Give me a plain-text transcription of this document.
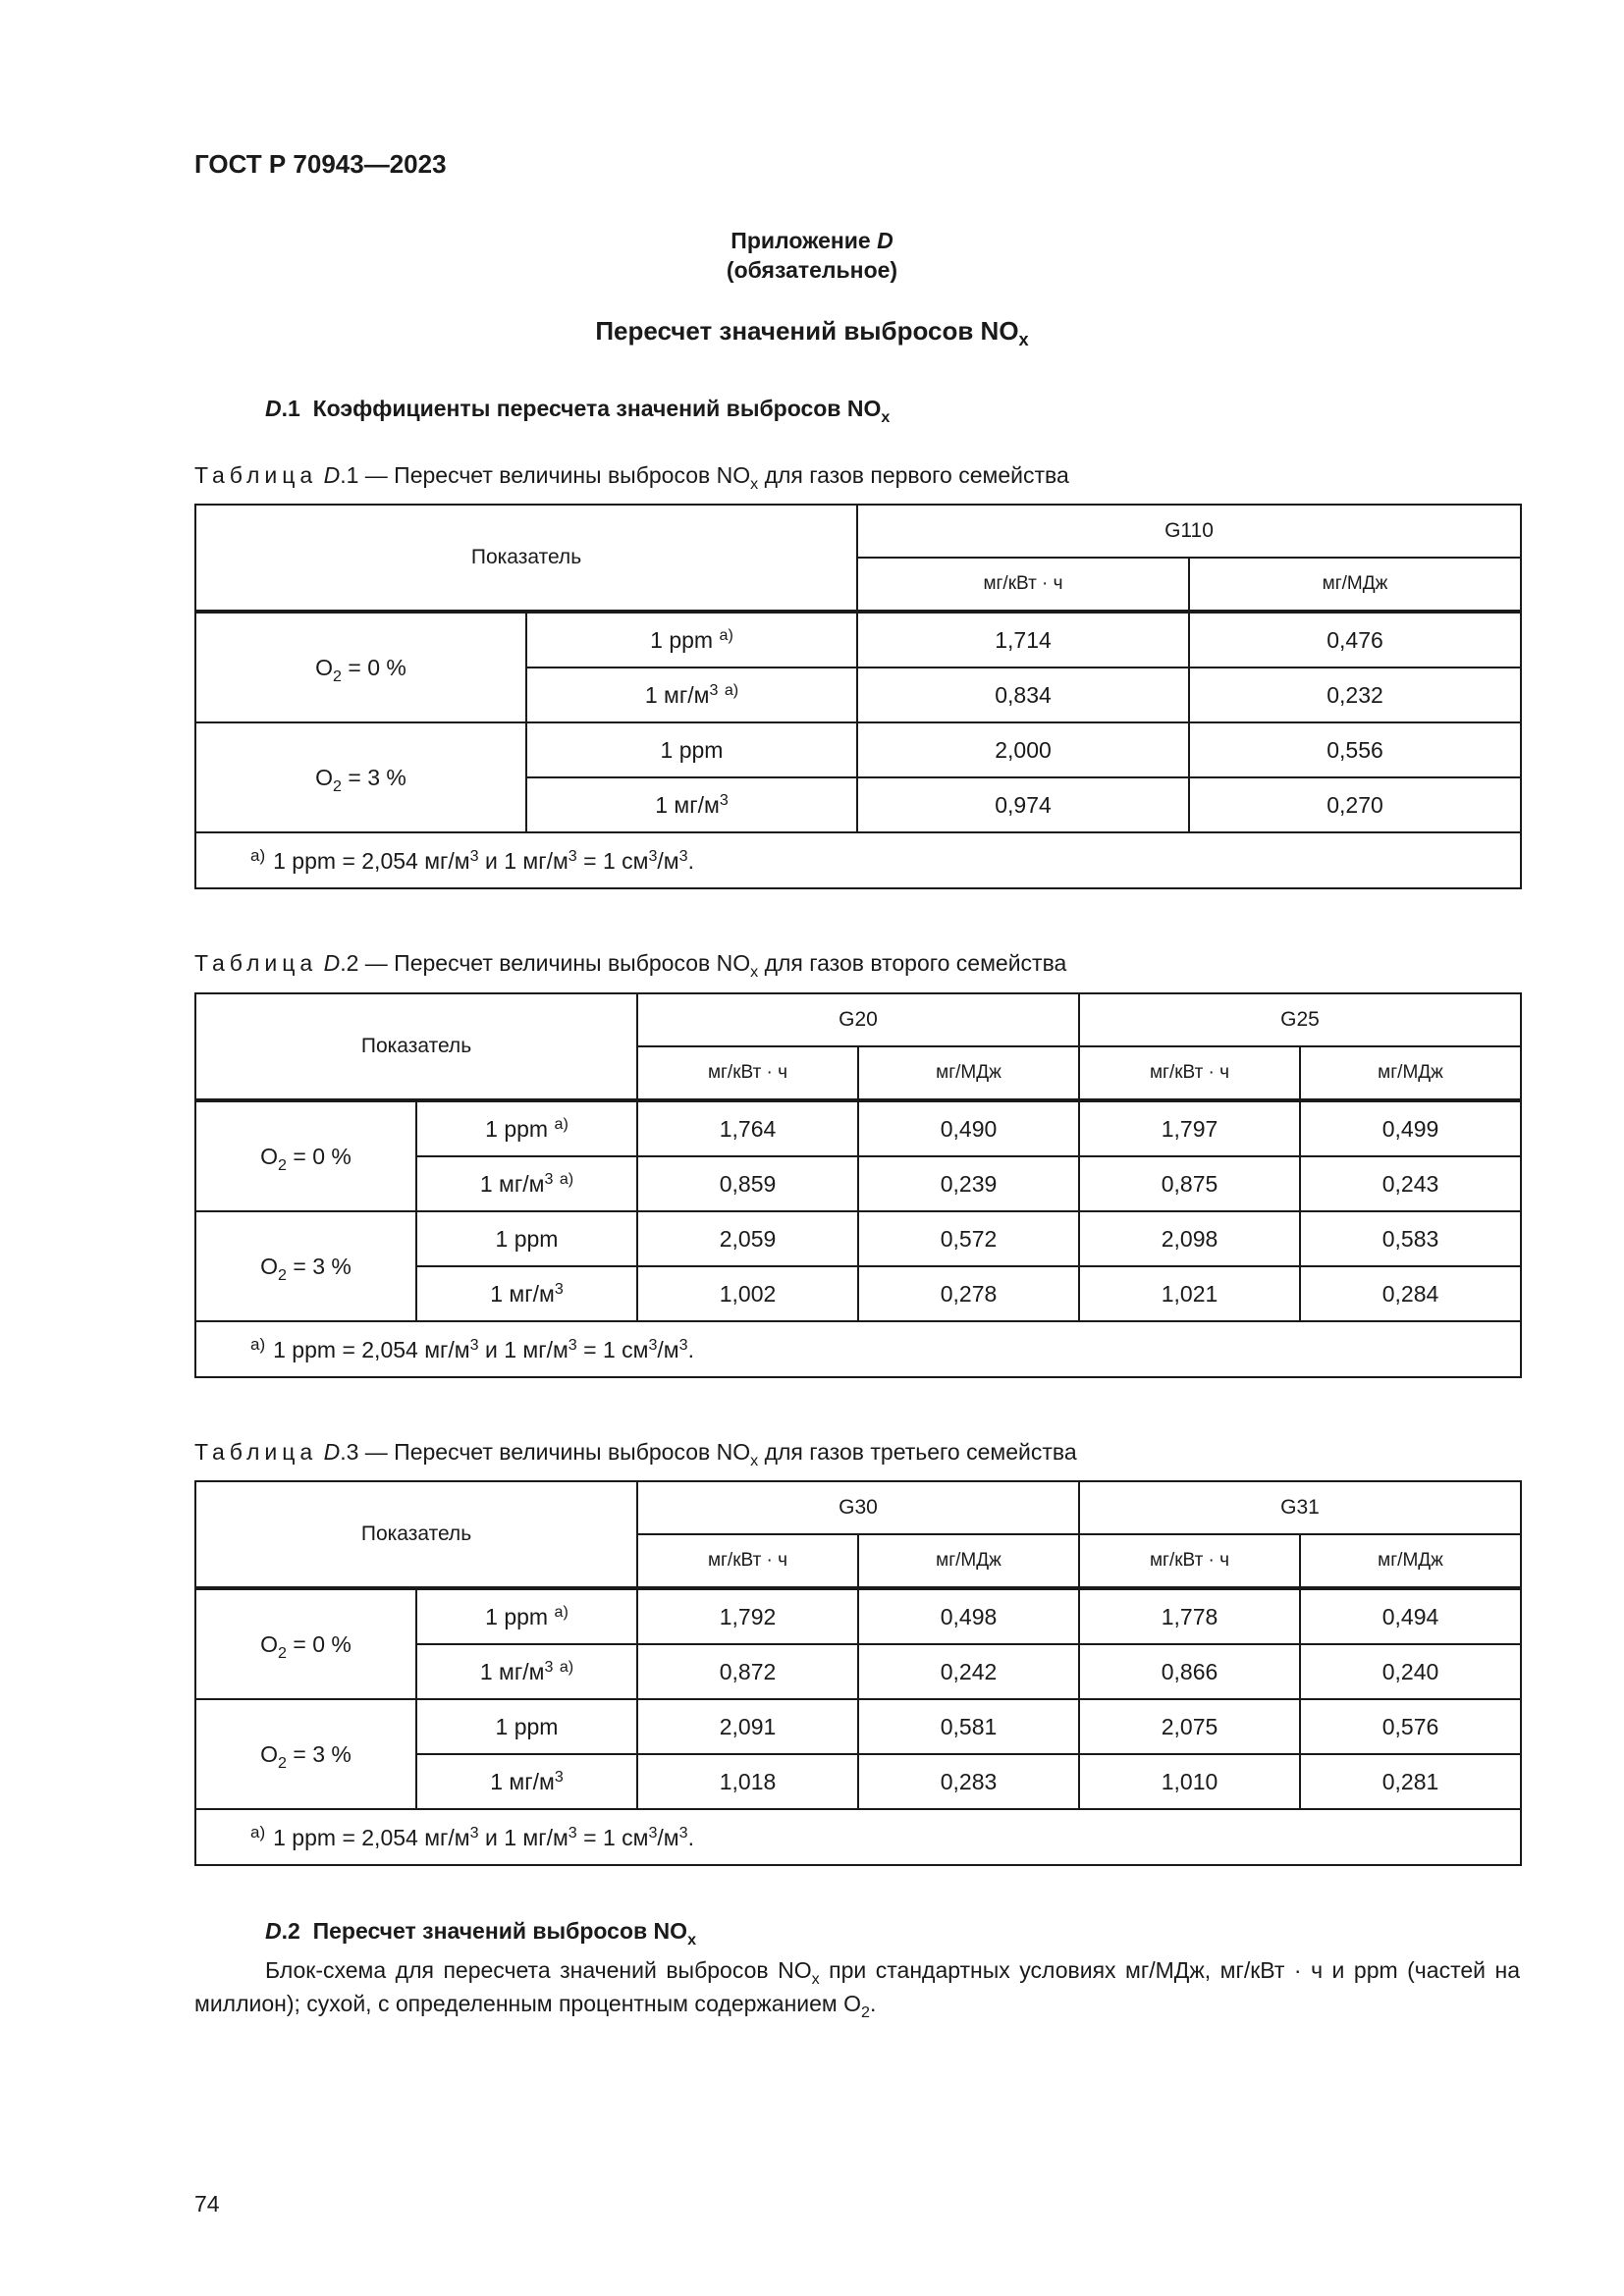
ГОСТ Р 70943—2023
Приложение D
(обязательное)
Пересчет значений выбросов $NO_x$
D.1 Коэффициенты пересчета значений выбросов $NO_x$
Таблица D.1 — Пересчет величины выбросов $NO_x$ для газов первого семейства
Показатель		G110	
		мг/кВт · ч	мг/МДж
$O_2 = 0$ %	1 ppm $^{а)}$	1,714	0,476
	1 $мг/м^3$ $^{а)}$	0,834	0,232
$O_2 = 3$ %	1 ppm	2,000	0,556
	1 $мг/м^3$	0,974	0,270
$^{а)}$ 1 ppm = 2,054 $мг/м^3$ и 1 $мг/м^3 = 1$ $см^3/м^3$.			
Таблица D.2 — Пересчет величины выбросов $NO_x$ для газов второго семейства
Показатель		G20		G25	
		мг/кВт · ч	мг/МДж	мг/кВт · ч	мг/МДж
$O_2 = 0$ %	1 ppm $^{а)}$	1,764	0,490	1,797	0,499
	1 $мг/м^3$ $^{а)}$	0,859	0,239	0,875	0,243
$O_2 = 3$ %	1 ppm	2,059	0,572	2,098	0,583
	1 $мг/м^3$	1,002	0,278	1,021	0,284
$^{а)}$ 1 ppm = 2,054 $мг/м^3$ и 1 $мг/м^3 = 1$ $см^3/м^3$.					
Таблица D.3 — Пересчет величины выбросов $NO_x$ для газов третьего семейства
Показатель		G30		G31	
		мг/кВт · ч	мг/МДж	мг/кВт · ч	мг/МДж
$O_2 = 0$ %	1 ppm $^{а)}$	1,792	0,498	1,778	0,494
	1 $мг/м^3$ $^{а)}$	0,872	0,242	0,866	0,240
$O_2 = 3$ %	1 ppm	2,091	0,581	2,075	0,576
	1 $мг/м^3$	1,018	0,283	1,010	0,281
$^{а)}$ 1 ppm = 2,054 $мг/м^3$ и 1 $мг/м^3 = 1$ $см^3/м^3$.					
D.2 Пересчет значений выбросов $NO_x$
Блок-схема для пересчета значений выбросов $NO_x$ при стандартных условиях мг/МДж, мг/кВт · ч и ppm (частей на миллион); сухой, с определенным процентным содержанием $O_2$.
74
